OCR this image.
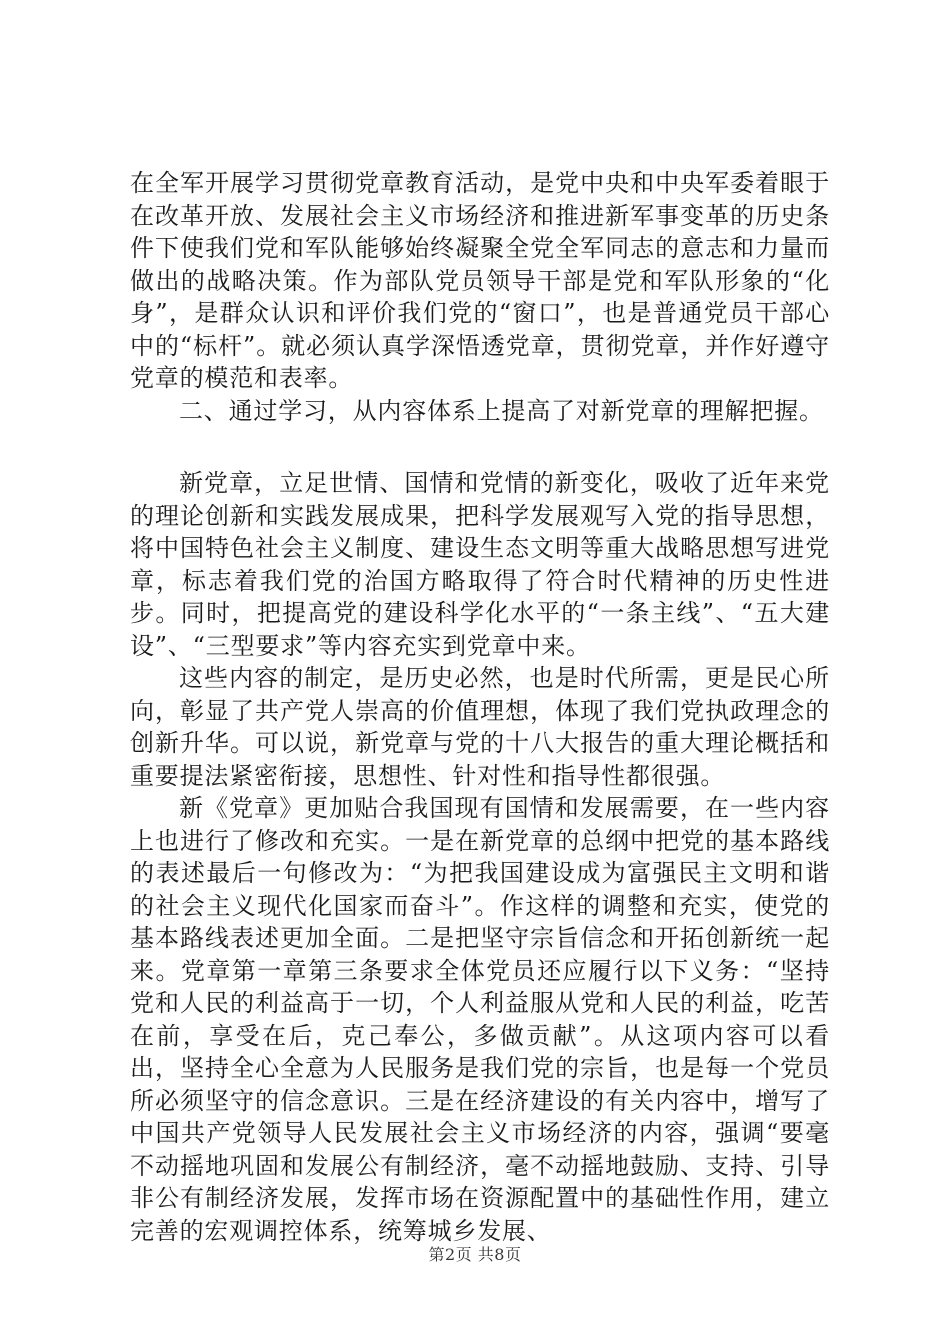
在全军开展学习贯彻党章教育活动，是党中央和中央军委着眼于在改革开放、发展社会主义市场经济和推进新军事变革的历史条件下使我们党和军队能够始终凝聚全党全军同志的意志和力量而做出的战略决策。作为部队党员领导干部是党和军队形象的“化身”，是群众认识和评价我们党的“窗口”，也是普通党员干部心中的“标杆”。就必须认真学深悟透党章，贯彻党章，并作好遵守党章的模范和表率。

二、通过学习，从内容体系上提高了对新党章的理解把握。

新党章，立足世情、国情和党情的新变化，吸收了近年来党的理论创新和实践发展成果，把科学发展观写入党的指导思想，将中国特色社会主义制度、建设生态文明等重大战略思想写进党章，标志着我们党的治国方略取得了符合时代精神的历史性进步。同时，把提高党的建设科学化水平的“一条主线”、“五大建设”、“三型要求”等内容充实到党章中来。

这些内容的制定，是历史必然，也是时代所需，更是民心所向，彰显了共产党人崇高的价值理想，体现了我们党执政理念的创新升华。可以说，新党章与党的十八大报告的重大理论概括和重要提法紧密衔接，思想性、针对性和指导性都很强。

新《党章》更加贴合我国现有国情和发展需要，在一些内容上也进行了修改和充实。一是在新党章的总纲中把党的基本路线的表述最后一句修改为：“为把我国建设成为富强民主文明和谐的社会主义现代化国家而奋斗”。作这样的调整和充实，使党的基本路线表述更加全面。二是把坚守宗旨信念和开拓创新统一起来。党章第一章第三条要求全体党员还应履行以下义务：“坚持党和人民的利益高于一切，个人利益服从党和人民的利益，吃苦在前，享受在后，克己奉公，多做贡献”。从这项内容可以看出，坚持全心全意为人民服务是我们党的宗旨，也是每一个党员所必须坚守的信念意识。三是在经济建设的有关内容中，增写了中国共产党领导人民发展社会主义市场经济的内容，强调“要毫不动摇地巩固和发展公有制经济，毫不动摇地鼓励、支持、引导非公有制经济发展，发挥市场在资源配置中的基础性作用，建立完善的宏观调控体系，统筹城乡发展、

第2页 共8页
